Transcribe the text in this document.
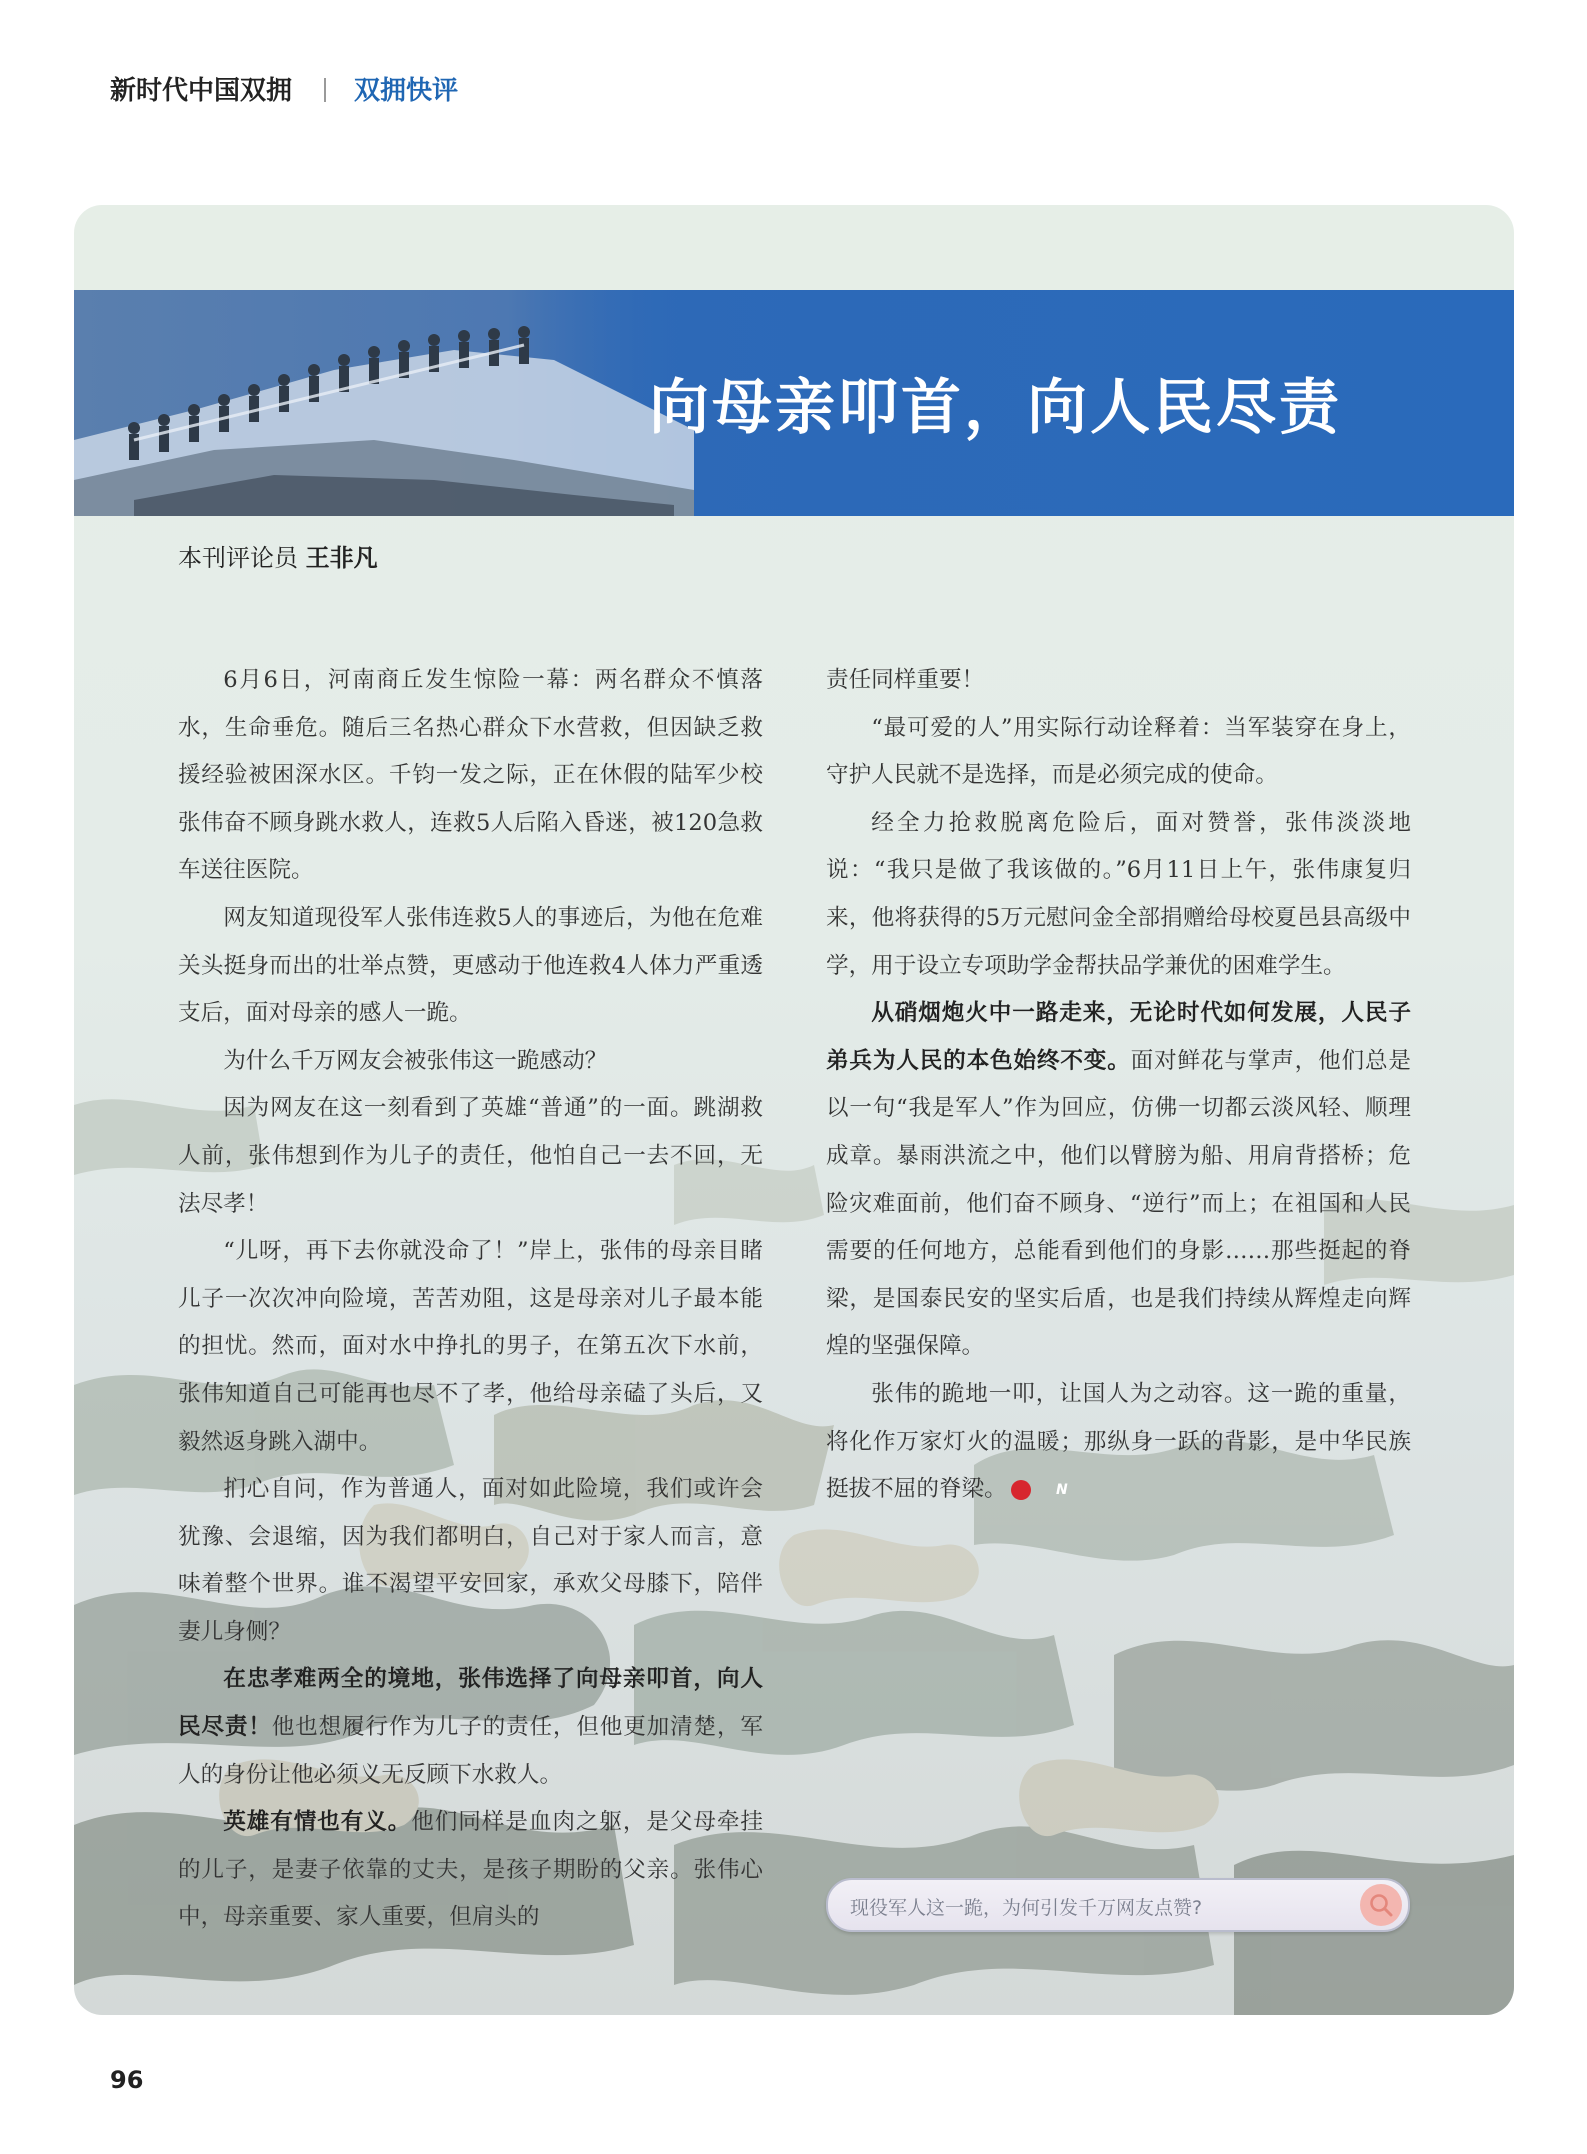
新时代中国双拥 双拥快评
向母亲叩首，向人民尽责
本刊评论员 王非凡

6月6日，河南商丘发生惊险一幕：两名群众不慎落水，生命垂危。随后三名热心群众下水营救，但因缺乏救援经验被困深水区。千钧一发之际，正在休假的陆军少校张伟奋不顾身跳水救人，连救5人后陷入昏迷，被120急救车送往医院。

网友知道现役军人张伟连救5人的事迹后，为他在危难关头挺身而出的壮举点赞，更感动于他连救4人体力严重透支后，面对母亲的感人一跪。

为什么千万网友会被张伟这一跪感动？

因为网友在这一刻看到了英雄“普通”的一面。跳湖救人前，张伟想到作为儿子的责任，他怕自己一去不回，无法尽孝！

“儿呀，再下去你就没命了！”岸上，张伟的母亲目睹儿子一次次冲向险境，苦苦劝阻，这是母亲对儿子最本能的担忧。然而，面对水中挣扎的男子，在第五次下水前，张伟知道自己可能再也尽不了孝，他给母亲磕了头后，又毅然返身跳入湖中。

扪心自问，作为普通人，面对如此险境，我们或许会犹豫、会退缩，因为我们都明白，自己对于家人而言，意味着整个世界。谁不渴望平安回家，承欢父母膝下，陪伴妻儿身侧？

在忠孝难两全的境地，张伟选择了向母亲叩首，向人民尽责！他也想履行作为儿子的责任，但他更加清楚，军人的身份让他必须义无反顾下水救人。

英雄有情也有义。他们同样是血肉之躯，是父母牵挂的儿子，是妻子依靠的丈夫，是孩子期盼的父亲。张伟心中，母亲重要、家人重要，但肩头的

责任同样重要！

“最可爱的人”用实际行动诠释着：当军装穿在身上，守护人民就不是选择，而是必须完成的使命。

经全力抢救脱离危险后，面对赞誉，张伟淡淡地说：“我只是做了我该做的。”6月11日上午，张伟康复归来，他将获得的5万元慰问金全部捐赠给母校夏邑县高级中学，用于设立专项助学金帮扶品学兼优的困难学生。

从硝烟炮火中一路走来，无论时代如何发展，人民子弟兵为人民的本色始终不变。面对鲜花与掌声，他们总是以一句“我是军人”作为回应，仿佛一切都云淡风轻、顺理成章。暴雨洪流之中，他们以臂膀为船、用肩背搭桥；危险灾难面前，他们奋不顾身、“逆行”而上；在祖国和人民需要的任何地方，总能看到他们的身影……那些挺起的脊梁，是国泰民安的坚实后盾，也是我们持续从辉煌走向辉煌的坚强保障。

张伟的跪地一叩，让国人为之动容。这一跪的重量，将化作万家灯火的温暖；那纵身一跃的背影，是中华民族挺拔不屈的脊梁。	N

现役军人这一跪，为何引发千万网友点赞?
96
